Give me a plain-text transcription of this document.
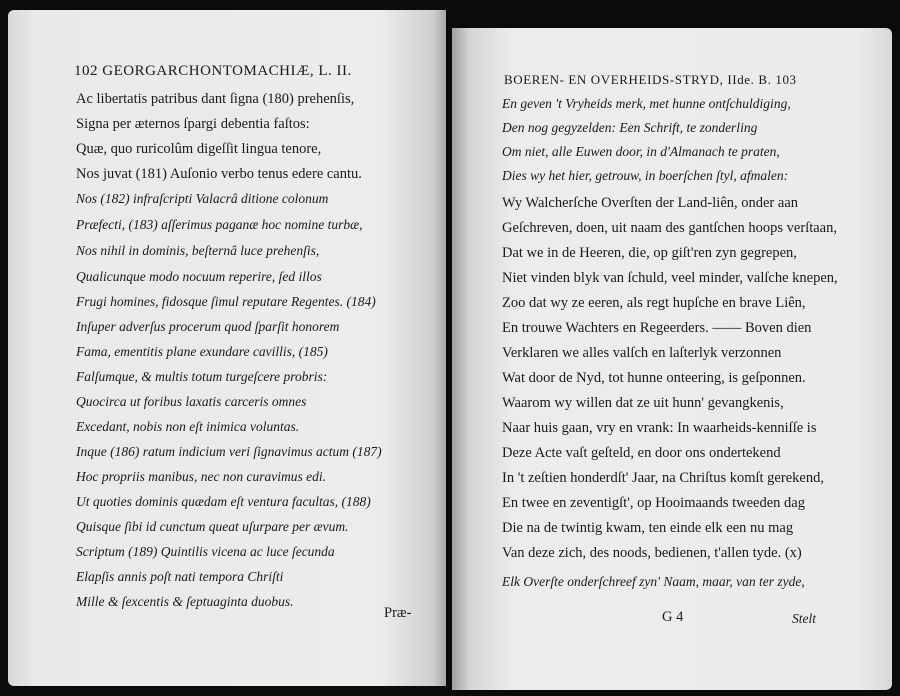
102 GEORGARCHONTOMACHIÆ, L. II.
Ac libertatis patribus dant ſigna (180) prehenſis,
Signa per æternos ſpargi debentia faſtos:
Quæ, quo ruricolûm digeſſit lingua tenore,
Nos juvat (181) Auſonio verbo tenus edere cantu.
Nos (182) infraſcripti Valacrâ ditione colonum
Præfecti, (183) aſſerimus paganæ hoc nomine turbæ,
Nos nihil in dominis, beſternâ luce prehenſis,
Qualicunque modo nocuum reperire, ſed illos
Frugi homines, fidosque ſimul reputare Regentes. (184)
Inſuper adverſus procerum quod ſparſit honorem
Fama, ementitis plane exundare cavillis, (185)
Falſumque, & multis totum turgeſcere probris:
Quocirca ut foribus laxatis carceris omnes
Excedant, nobis non eſt inimica voluntas.
Inque (186) ratum indicium veri ſignavimus actum (187)
Hoc propriis manibus, nec non curavimus edi.
Ut quoties dominis quædam eſt ventura facultas, (188)
Quisque ſibi id cunctum queat uſurpare per ævum.
Scriptum (189) Quintilis vicena ac luce ſecunda
Elapſis annis poſt nati tempora Chriſti
Mille & ſexcentis & ſeptuaginta duobus.
Præ-
BOEREN- EN OVERHEIDS-STRYD, IIde. B. 103
En geven 't Vryheids merk, met hunne ontſchuldiging,
Den nog gegyzelden: Een Schrift, te zonderling
Om niet, alle Euwen door, in d'Almanach te praten,
Dies wy het hier, getrouw, in boerſchen ſtyl, afmalen:
Wy Walcherſche Overſten der Land-liên, onder aan
Geſchreven, doen, uit naam des gantſchen hoops verſtaan,
Dat we in de Heeren, die, op giſt'ren zyn gegrepen,
Niet vinden blyk van ſchuld, veel minder, valſche knepen,
Zoo dat wy ze eeren, als regt hupſche en brave Liên,
En trouwe Wachters en Regeerders. —— Boven dien
Verklaren we alles valſch en laſterlyk verzonnen
Wat door de Nyd, tot hunne onteering, is geſponnen.
Waarom wy willen dat ze uit hunn' gevangkenis,
Naar huis gaan, vry en vrank: In waarheids-kenniſſe is
Deze Acte vaſt geſteld, en door ons ondertekend
In 't zeſtien honderdſt' Jaar, na Chriſtus komſt gerekend,
En twee en zeventigſt', op Hooimaands tweeden dag
Die na de twintig kwam, ten einde elk een nu mag
Van deze zich, des noods, bedienen, t'allen tyde. (x)
Elk Overſte onderſchreef zyn' Naam, maar, van ter zyde,
G 4	Stelt
